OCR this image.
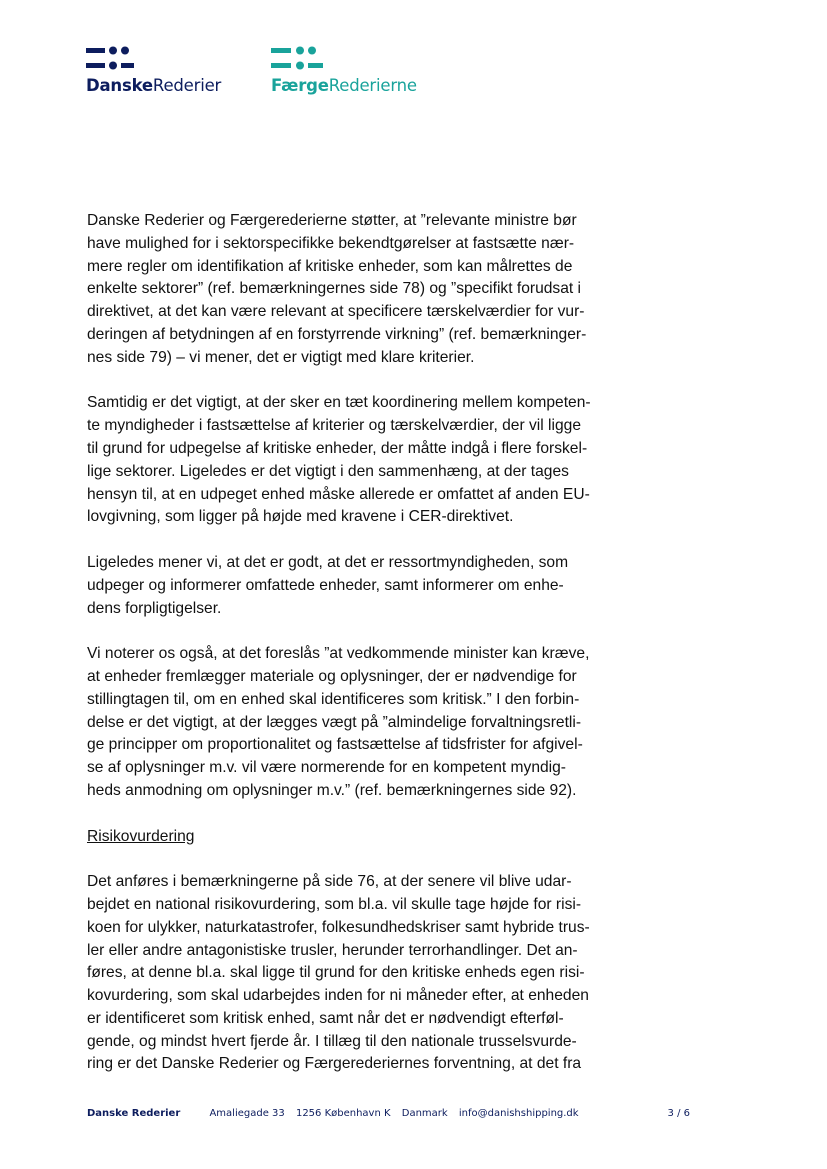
DanskeRederier	FærgeRederierne

Danske Rederier og Færgerederierne støtter, at ”relevante ministre bør
have mulighed for i sektorspecifikke bekendtgørelser at fastsætte nær-
mere regler om identifikation af kritiske enheder, som kan målrettes de
enkelte sektorer” (ref. bemærkningernes side 78) og ”specifikt forudsat i
direktivet, at det kan være relevant at specificere tærskelværdier for vur-
deringen af betydningen af en forstyrrende virkning” (ref. bemærkninger-
nes side 79) – vi mener, det er vigtigt med klare kriterier.

Samtidig er det vigtigt, at der sker en tæt koordinering mellem kompeten-
te myndigheder i fastsættelse af kriterier og tærskelværdier, der vil ligge
til grund for udpegelse af kritiske enheder, der måtte indgå i flere forskel-
lige sektorer. Ligeledes er det vigtigt i den sammenhæng, at der tages
hensyn til, at en udpeget enhed måske allerede er omfattet af anden EU-
lovgivning, som ligger på højde med kravene i CER-direktivet.

Ligeledes mener vi, at det er godt, at det er ressortmyndigheden, som
udpeger og informerer omfattede enheder, samt informerer om enhe-
dens forpligtigelser.

Vi noterer os også, at det foreslås ”at vedkommende minister kan kræve,
at enheder fremlægger materiale og oplysninger, der er nødvendige for
stillingtagen til, om en enhed skal identificeres som kritisk.” I den forbin-
delse er det vigtigt, at der lægges vægt på ”almindelige forvaltningsretli-
ge principper om proportionalitet og fastsættelse af tidsfrister for afgivel-
se af oplysninger m.v. vil være normerende for en kompetent myndig-
heds anmodning om oplysninger m.v.” (ref. bemærkningernes side 92).

Risikovurdering

Det anføres i bemærkningerne på side 76, at der senere vil blive udar-
bejdet en national risikovurdering, som bl.a. vil skulle tage højde for risi-
koen for ulykker, naturkatastrofer, folkesundhedskriser samt hybride trus-
ler eller andre antagonistiske trusler, herunder terrorhandlinger. Det an-
føres, at denne bl.a. skal ligge til grund for den kritiske enheds egen risi-
kovurdering, som skal udarbejdes inden for ni måneder efter, at enheden
er identificeret som kritisk enhed, samt når det er nødvendigt efterføl-
gende, og mindst hvert fjerde år. I tillæg til den nationale trusselsvurde-
ring er det Danske Rederier og Færgerederiernes forventning, at det fra

Danske Rederier	Amaliegade 33 1256 København K Danmark info@danishshipping.dk	3 / 6
